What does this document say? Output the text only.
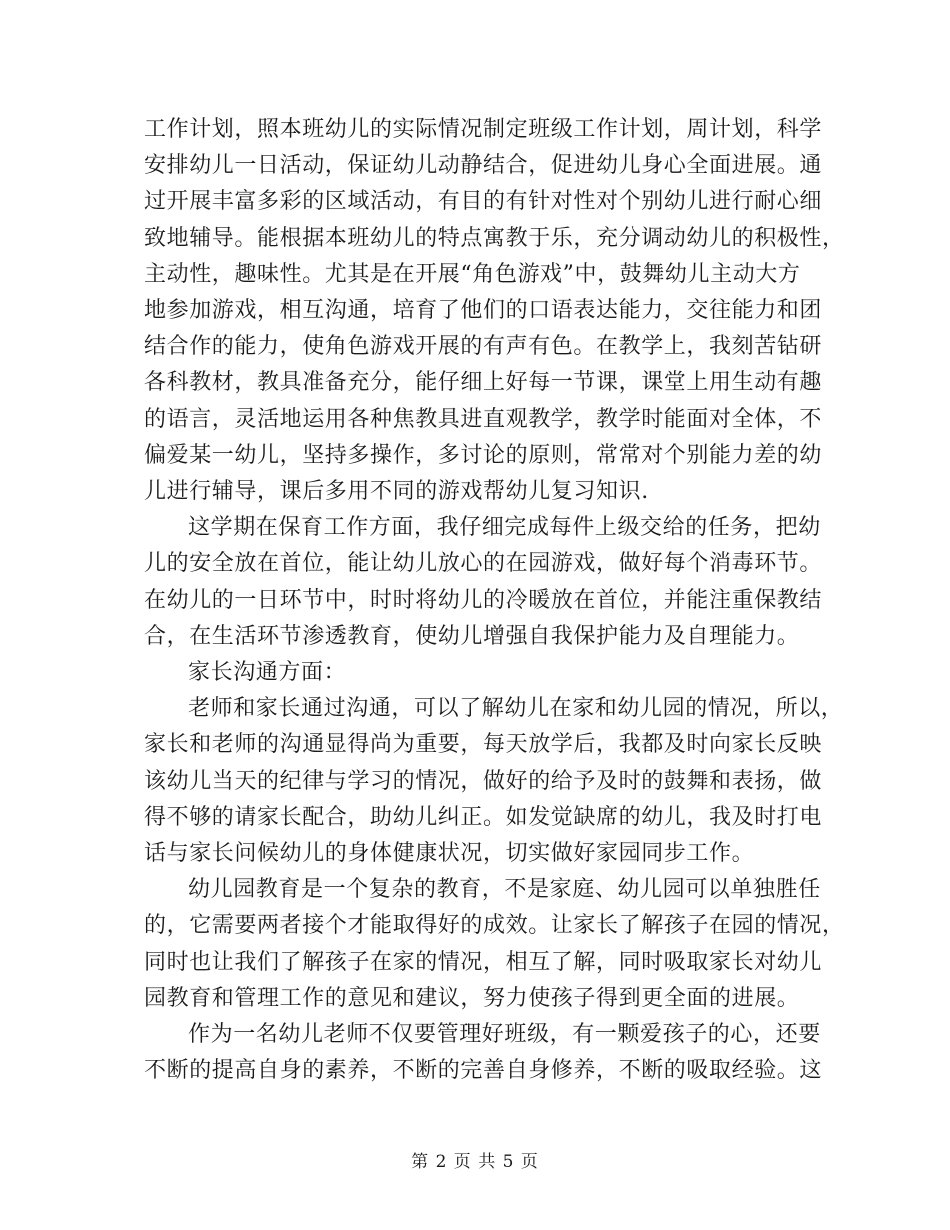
工作计划，照本班幼儿的实际情况制定班级工作计划，周计划，科学

安排幼儿一日活动，保证幼儿动静结合，促进幼儿身心全面进展。通

过开展丰富多彩的区域活动，有目的有针对性对个别幼儿进行耐心细

致地辅导。能根据本班幼儿的特点寓教于乐，充分调动幼儿的积极性，

主动性，趣味性。尤其是在开展“角色游戏”中，鼓舞幼儿主动大方

地参加游戏，相互沟通，培育了他们的口语表达能力，交往能力和团

结合作的能力，使角色游戏开展的有声有色。在教学上，我刻苦钻研

各科教材，教具准备充分，能仔细上好每一节课，课堂上用生动有趣

的语言，灵活地运用各种焦教具进直观教学，教学时能面对全体，不

偏爱某一幼儿，坚持多操作，多讨论的原则，常常对个别能力差的幼

儿进行辅导，课后多用不同的游戏帮幼儿复习知识.

这学期在保育工作方面，我仔细完成每件上级交给的任务，把幼

儿的安全放在首位，能让幼儿放心的在园游戏，做好每个消毒环节。

在幼儿的一日环节中，时时将幼儿的冷暖放在首位，并能注重保教结

合，在生活环节渗透教育，使幼儿增强自我保护能力及自理能力。

家长沟通方面：

老师和家长通过沟通，可以了解幼儿在家和幼儿园的情况，所以，

家长和老师的沟通显得尚为重要，每天放学后，我都及时向家长反映

该幼儿当天的纪律与学习的情况，做好的给予及时的鼓舞和表扬，做

得不够的请家长配合，助幼儿纠正。如发觉缺席的幼儿，我及时打电

话与家长问候幼儿的身体健康状况，切实做好家园同步工作。

幼儿园教育是一个复杂的教育，不是家庭、幼儿园可以单独胜任

的，它需要两者接个才能取得好的成效。让家长了解孩子在园的情况，

同时也让我们了解孩子在家的情况，相互了解，同时吸取家长对幼儿

园教育和管理工作的意见和建议，努力使孩子得到更全面的进展。

作为一名幼儿老师不仅要管理好班级，有一颗爱孩子的心，还要

不断的提高自身的素养，不断的完善自身修养，不断的吸取经验。这

第 2 页 共 5 页
